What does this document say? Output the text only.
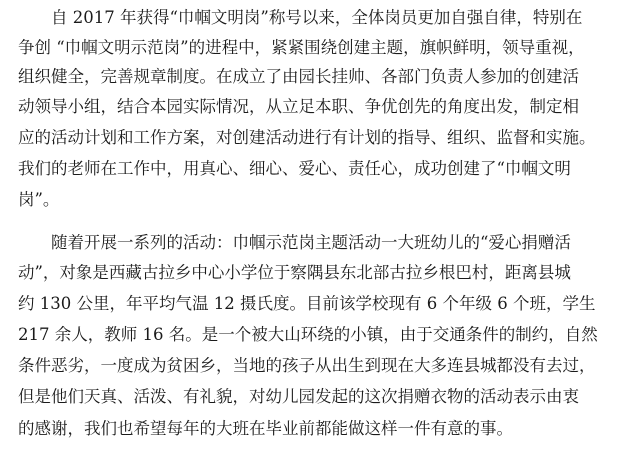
　　自 2017 年获得“巾帼文明岗”称号以来，全体岗员更加自强自律，特别在
争创 “巾帼文明示范岗”的进程中，紧紧围绕创建主题，旗帜鲜明，领导重视，
组织健全，完善规章制度。在成立了由园长挂帅、各部门负责人参加的创建活
动领导小组，结合本园实际情况，从立足本职、争优创先的角度出发，制定相
应的活动计划和工作方案，对创建活动进行有计划的指导、组织、监督和实施。
我们的老师在工作中，用真心、细心、爱心、责任心，成功创建了“巾帼文明
岗”。
　　随着开展一系列的活动：巾帼示范岗主题活动一大班幼儿的“爱心捐赠活
动”，对象是西藏古拉乡中心小学位于察隅县东北部古拉乡根巴村，距离县城
约 130 公里，年平均气温 12 摄氏度。目前该学校现有 6 个年级 6 个班，学生
217 余人，教师 16 名。是一个被大山环绕的小镇，由于交通条件的制约，自然
条件恶劣，一度成为贫困乡，当地的孩子从出生到现在大多连县城都没有去过，
但是他们天真、活泼、有礼貌，对幼儿园发起的这次捐赠衣物的活动表示由衷
的感谢，我们也希望每年的大班在毕业前都能做这样一件有意的事。
